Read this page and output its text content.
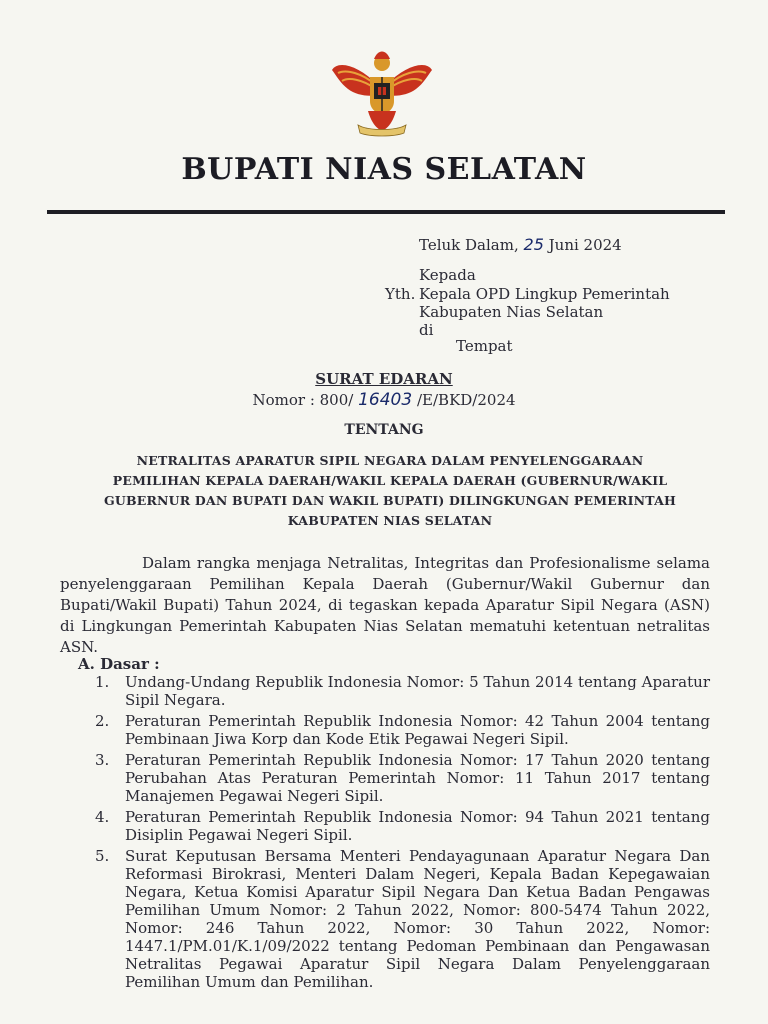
BUPATI NIAS SELATAN
Teluk Dalam, 25 Juni 2024
Kepada
Yth. Kepala OPD Lingkup Pemerintah
Kabupaten Nias Selatan
di
Tempat
SURAT EDARAN
Nomor : 800/ 16403 /E/BKD/2024
TENTANG
NETRALITAS APARATUR SIPIL NEGARA DALAM PENYELENGGARAAN
PEMILIHAN KEPALA DAERAH/WAKIL KEPALA DAERAH (GUBERNUR/WAKIL
GUBERNUR DAN BUPATI DAN WAKIL BUPATI) DILINGKUNGAN PEMERINTAH
KABUPATEN NIAS SELATAN
Dalam rangka menjaga Netralitas, Integritas dan Profesionalisme selama penyelenggaraan Pemilihan Kepala Daerah (Gubernur/Wakil Gubernur dan Bupati/Wakil Bupati) Tahun 2024, di tegaskan kepada Aparatur Sipil Negara (ASN) di Lingkungan Pemerintah Kabupaten Nias Selatan mematuhi ketentuan netralitas ASN.
A. Dasar :
1. Undang-Undang Republik Indonesia Nomor: 5 Tahun 2014 tentang Aparatur Sipil Negara.
2. Peraturan Pemerintah Republik Indonesia Nomor: 42 Tahun 2004 tentang Pembinaan Jiwa Korp dan Kode Etik Pegawai Negeri Sipil.
3. Peraturan Pemerintah Republik Indonesia Nomor: 17 Tahun 2020 tentang Perubahan Atas Peraturan Pemerintah Nomor: 11 Tahun 2017 tentang Manajemen Pegawai Negeri Sipil.
4. Peraturan Pemerintah Republik Indonesia Nomor: 94 Tahun 2021 tentang Disiplin Pegawai Negeri Sipil.
5. Surat Keputusan Bersama Menteri Pendayagunaan Aparatur Negara Dan Reformasi Birokrasi, Menteri Dalam Negeri, Kepala Badan Kepegawaian Negara, Ketua Komisi Aparatur Sipil Negara Dan Ketua Badan Pengawas Pemilihan Umum Nomor: 2 Tahun 2022, Nomor: 800-5474 Tahun 2022, Nomor: 246 Tahun 2022, Nomor: 30 Tahun 2022, Nomor: 1447.1/PM.01/K.1/09/2022 tentang Pedoman Pembinaan dan Pengawasan Netralitas Pegawai Aparatur Sipil Negara Dalam Penyelenggaraan Pemilihan Umum dan Pemilihan.
